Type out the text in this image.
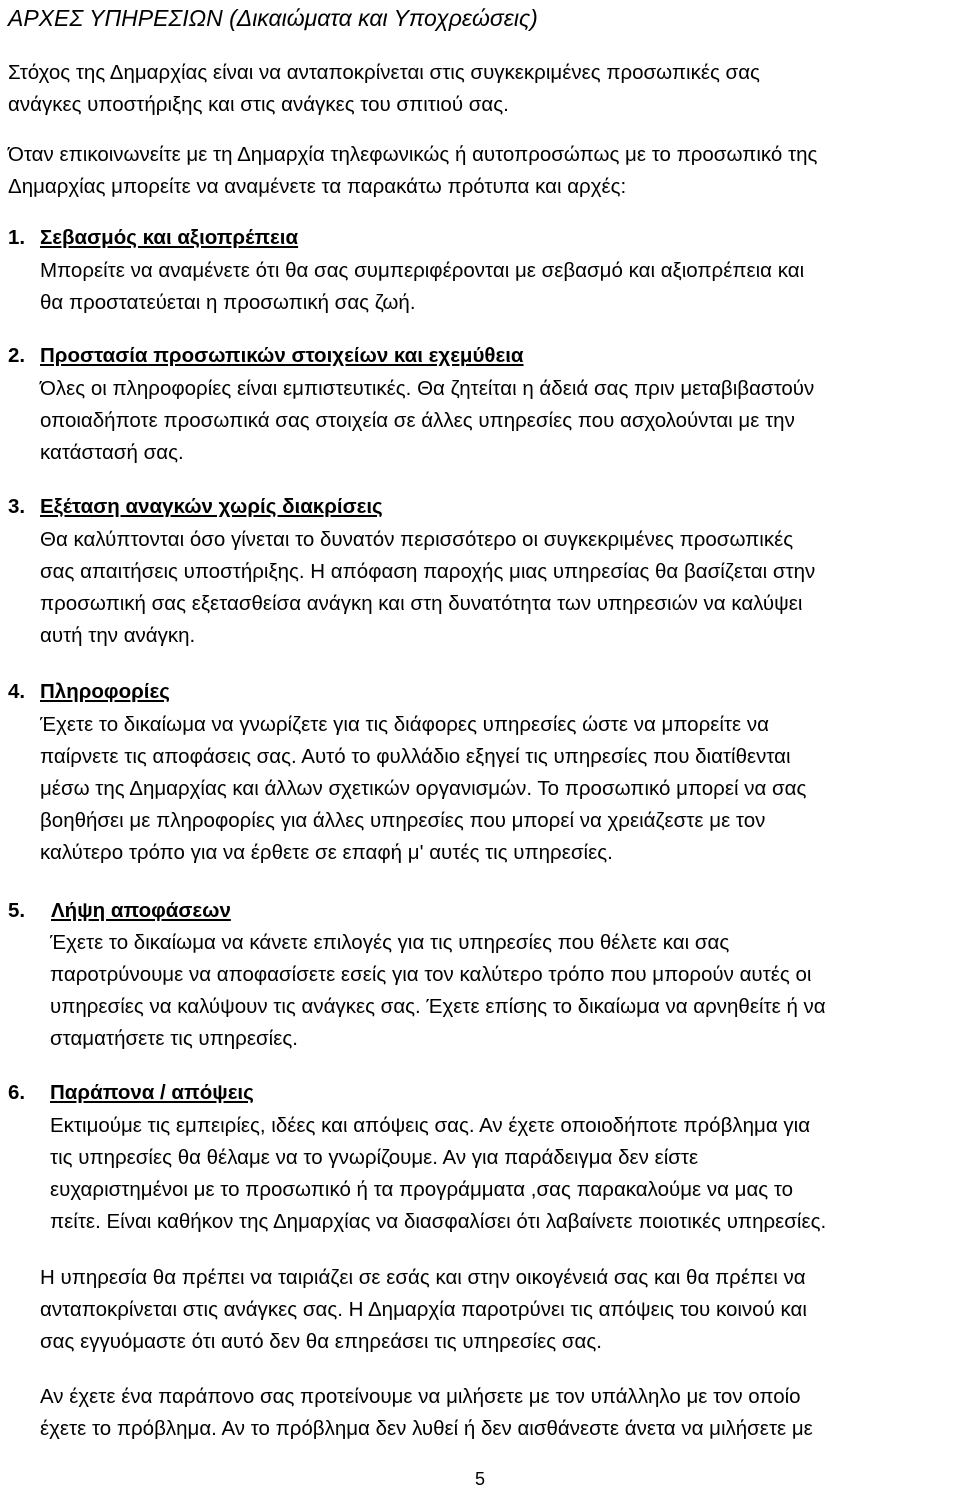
ΑΡΧΕΣ ΥΠΗΡΕΣΙΩΝ (Δικαιώματα και Υποχρεώσεις)
Στόχος της Δημαρχίας είναι να ανταποκρίνεται στις συγκεκριμένες προσωπικές σας
ανάγκες υποστήριξης και στις ανάγκες του σπιτιού σας.
Όταν επικοινωνείτε με τη Δημαρχία τηλεφωνικώς ή αυτοπροσώπως με το προσωπικό της
Δημαρχίας μπορείτε να αναμένετε τα παρακάτω πρότυπα και αρχές:
1. Σεβασμός και αξιοπρέπεια
Μπορείτε να αναμένετε ότι θα σας συμπεριφέρονται με σεβασμό και αξιοπρέπεια και
θα προστατεύεται η προσωπική σας ζωή.
2. Προστασία προσωπικών στοιχείων και εχεμύθεια
Όλες οι πληροφορίες είναι εμπιστευτικές. Θα ζητείται η άδειά σας πριν μεταβιβαστούν
οποιαδήποτε προσωπικά σας στοιχεία σε άλλες υπηρεσίες που ασχολούνται με την
κατάστασή σας.
3. Εξέταση αναγκών χωρίς διακρίσεις
Θα καλύπτονται όσο γίνεται το δυνατόν περισσότερο οι συγκεκριμένες προσωπικές
σας απαιτήσεις υποστήριξης. Η απόφαση παροχής μιας υπηρεσίας θα βασίζεται στην
προσωπική σας εξετασθείσα ανάγκη και στη δυνατότητα των υπηρεσιών να καλύψει
αυτή την ανάγκη.
4. Πληροφορίες
Έχετε το δικαίωμα να γνωρίζετε για τις διάφορες υπηρεσίες ώστε να μπορείτε να
παίρνετε τις αποφάσεις σας. Αυτό το φυλλάδιο εξηγεί τις υπηρεσίες που διατίθενται
μέσω της Δημαρχίας και άλλων σχετικών οργανισμών. Το προσωπικό μπορεί να σας
βοηθήσει με πληροφορίες για άλλες υπηρεσίες που μπορεί να χρειάζεστε με τον
καλύτερο τρόπο για να έρθετε σε επαφή μ' αυτές τις υπηρεσίες.
5. Λήψη αποφάσεων
Έχετε το δικαίωμα να κάνετε επιλογές για τις υπηρεσίες που θέλετε και σας
παροτρύνουμε να αποφασίσετε εσείς για τον καλύτερο τρόπο που μπορούν αυτές οι
υπηρεσίες να καλύψουν τις ανάγκες σας. Έχετε επίσης το δικαίωμα να αρνηθείτε ή να
σταματήσετε τις υπηρεσίες.
6. Παράπονα / απόψεις
Εκτιμούμε τις εμπειρίες, ιδέες και απόψεις σας. Αν έχετε οποιοδήποτε πρόβλημα για
τις υπηρεσίες θα θέλαμε να το γνωρίζουμε. Αν για παράδειγμα δεν είστε
ευχαριστημένοι με το προσωπικό ή τα προγράμματα ,σας παρακαλούμε να μας το
πείτε. Είναι καθήκον της Δημαρχίας να διασφαλίσει ότι λαβαίνετε ποιοτικές υπηρεσίες.
Η υπηρεσία θα πρέπει να ταιριάζει σε εσάς και στην οικογένειά σας και θα πρέπει να
ανταποκρίνεται στις ανάγκες σας. Η Δημαρχία παροτρύνει τις απόψεις του κοινού και
σας εγγυόμαστε ότι αυτό δεν θα επηρεάσει τις υπηρεσίες σας.
Αν έχετε ένα παράπονο σας προτείνουμε να μιλήσετε με τον υπάλληλο με τον οποίο
έχετε το πρόβλημα. Αν το πρόβλημα δεν λυθεί ή δεν αισθάνεστε άνετα να μιλήσετε με
5
